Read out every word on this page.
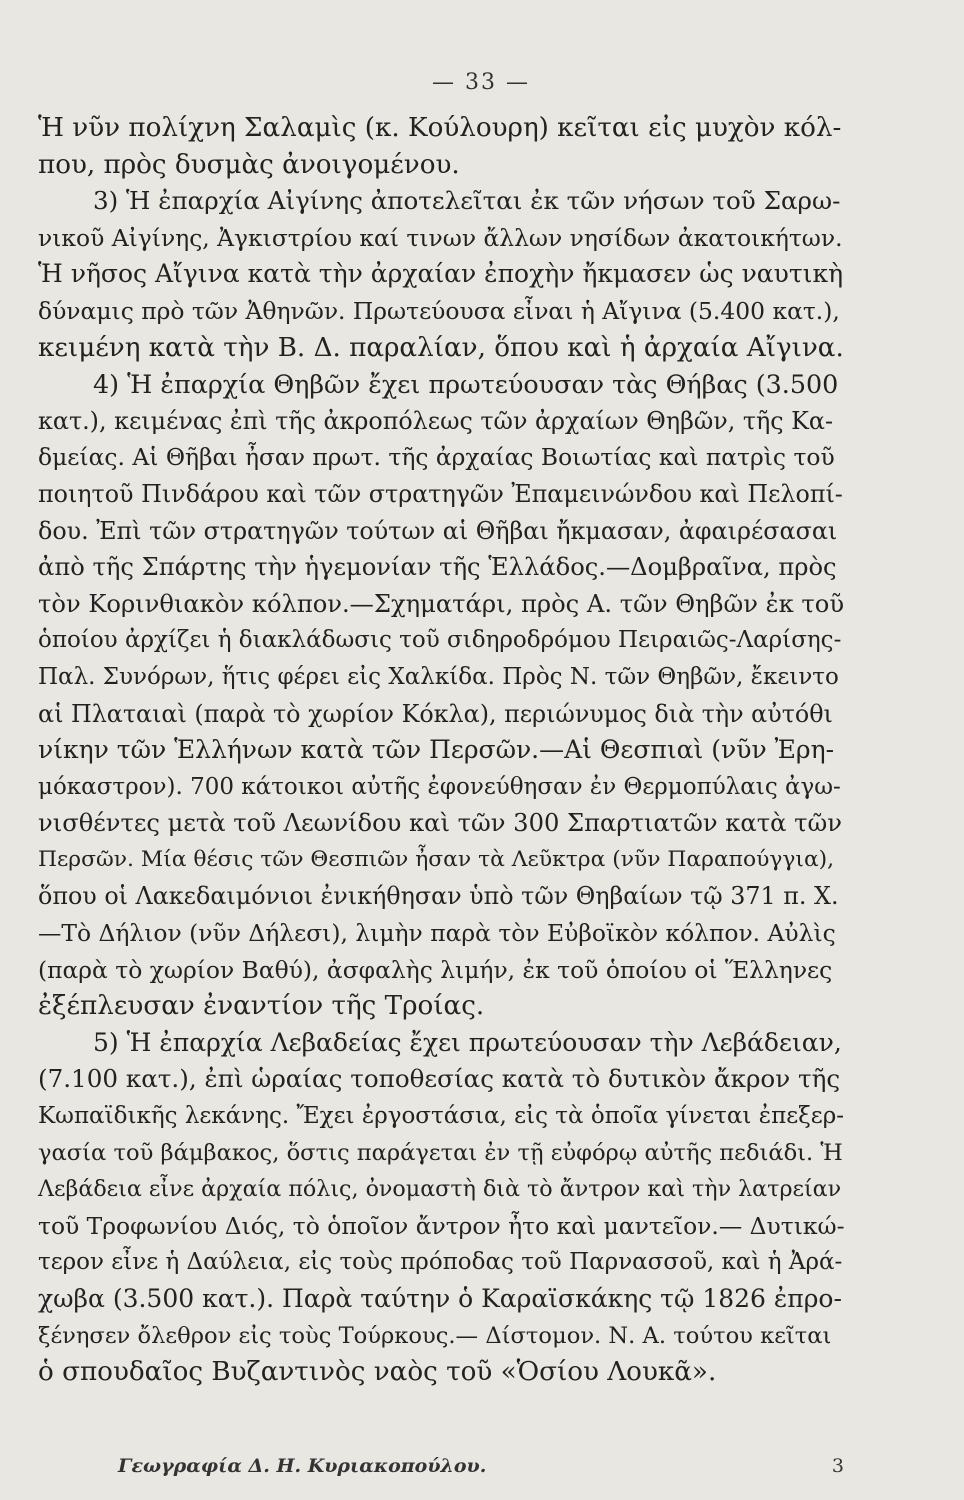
— 33 —
Ἡ νῦν πολίχνη Σαλαμὶς (κ. Κούλουρη) κεῖται εἰς μυχὸν κόλ-
που, πρὸς δυσμὰς ἀνοιγομένου.
3) Ἡ ἐπαρχία Αἰγίνης ἀποτελεῖται ἐκ τῶν νήσων τοῦ Σαρω-
νικοῦ Αἰγίνης, Ἀγκιστρίου καί τινων ἄλλων νησίδων ἀκατοικήτων.
Ἡ νῆσος Αἴγινα κατὰ τὴν ἀρχαίαν ἐποχὴν ἤκμασεν ὡς ναυτικὴ
δύναμις πρὸ τῶν Ἀθηνῶν. Πρωτεύουσα εἶναι ἡ Αἴγινα (5.400 κατ.),
κειμένη κατὰ τὴν Β. Δ. παραλίαν, ὅπου καὶ ἡ ἀρχαία Αἴγινα.
4) Ἡ ἐπαρχία Θηβῶν ἔχει πρωτεύουσαν τὰς Θήβας (3.500
κατ.), κειμένας ἐπὶ τῆς ἀκροπόλεως τῶν ἀρχαίων Θηβῶν, τῆς Κα-
δμείας. Αἱ Θῆβαι ἦσαν πρωτ. τῆς ἀρχαίας Βοιωτίας καὶ πατρὶς τοῦ
ποιητοῦ Πινδάρου καὶ τῶν στρατηγῶν Ἐπαμεινώνδου καὶ Πελοπί-
δου. Ἐπὶ τῶν στρατηγῶν τούτων αἱ Θῆβαι ἤκμασαν, ἀφαιρέσασαι
ἀπὸ τῆς Σπάρτης τὴν ἡγεμονίαν τῆς Ἑλλάδος.—Δομβραῖνα, πρὸς
τὸν Κορινθιακὸν κόλπον.—Σχηματάρι, πρὸς Α. τῶν Θηβῶν ἐκ τοῦ
ὁποίου ἀρχίζει ἡ διακλάδωσις τοῦ σιδηροδρόμου Πειραιῶς-Λαρίσης-
Παλ. Συνόρων, ἥτις φέρει εἰς Χαλκίδα. Πρὸς Ν. τῶν Θηβῶν, ἔκειντο
αἱ Πλαταιαὶ (παρὰ τὸ χωρίον Κόκλα), περιώνυμος διὰ τὴν αὐτόθι
νίκην τῶν Ἑλλήνων κατὰ τῶν Περσῶν.—Αἱ Θεσπιαὶ (νῦν Ἐρη-
μόκαστρον). 700 κάτοικοι αὐτῆς ἐφονεύθησαν ἐν Θερμοπύλαις ἀγω-
νισθέντες μετὰ τοῦ Λεωνίδου καὶ τῶν 300 Σπαρτιατῶν κατὰ τῶν
Περσῶν. Μία θέσις τῶν Θεσπιῶν ἦσαν τὰ Λεῦκτρα (νῦν Παραπούγγια),
ὅπου οἱ Λακεδαιμόνιοι ἐνικήθησαν ὑπὸ τῶν Θηβαίων τῷ 371 π. Χ.
—Τὸ Δήλιον (νῦν Δήλεσι), λιμὴν παρὰ τὸν Εὐβοϊκὸν κόλπον. Αὐλὶς
(παρὰ τὸ χωρίον Βαθύ), ἀσφαλὴς λιμήν, ἐκ τοῦ ὁποίου οἱ Ἕλληνες
ἐξέπλευσαν ἐναντίον τῆς Τροίας.
5) Ἡ ἐπαρχία Λεβαδείας ἔχει πρωτεύουσαν τὴν Λεβάδειαν,
(7.100 κατ.), ἐπὶ ὡραίας τοποθεσίας κατὰ τὸ δυτικὸν ἄκρον τῆς
Κωπαϊδικῆς λεκάνης. Ἔχει ἐργοστάσια, εἰς τὰ ὁποῖα γίνεται ἐπεξερ-
γασία τοῦ βάμβακος, ὅστις παράγεται ἐν τῇ εὐφόρῳ αὐτῆς πεδιάδι. Ἡ
Λεβάδεια εἶνε ἀρχαία πόλις, ὀνομαστὴ διὰ τὸ ἄντρον καὶ τὴν λατρείαν
τοῦ Τροφωνίου Διός, τὸ ὁποῖον ἄντρον ἦτο καὶ μαντεῖον.— Δυτικώ-
τερον εἶνε ἡ Δαύλεια, εἰς τοὺς πρόποδας τοῦ Παρνασσοῦ, καὶ ἡ Ἀρά-
χωβα (3.500 κατ.). Παρὰ ταύτην ὁ Καραϊσκάκης τῷ 1826 ἐπρο-
ξένησεν ὄλεθρον εἰς τοὺς Τούρκους.— Δίστομον. Ν. Α. τούτου κεῖται
ὁ σπουδαῖος Βυζαντινὸς ναὸς τοῦ «Ὁσίου Λουκᾶ».
Γεωγραφία Δ. Η. Κυριακοπούλου.	3
